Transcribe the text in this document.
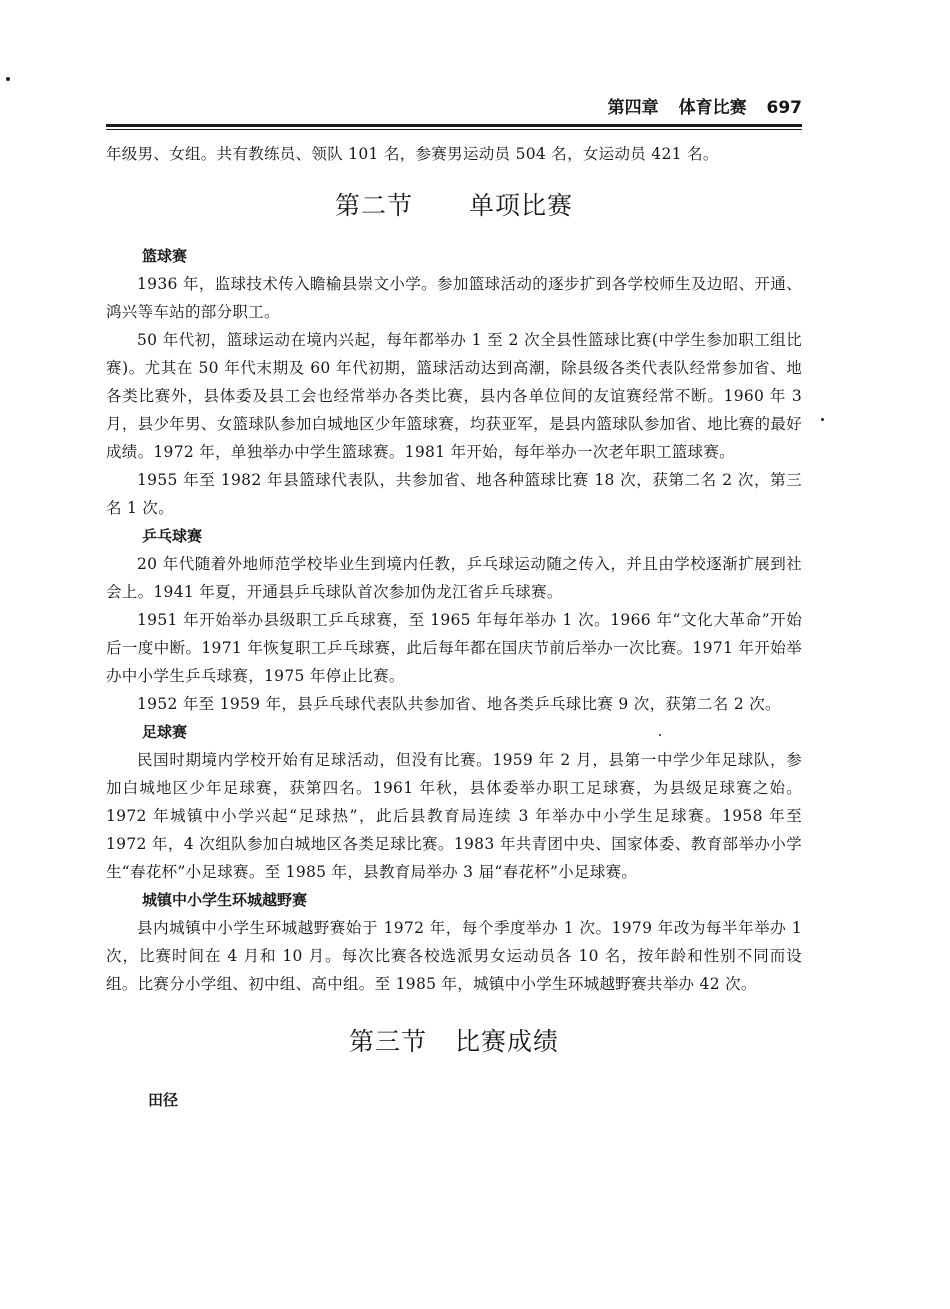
第四章 体育比赛 697

年级男、女组。共有教练员、领队 101 名，参赛男运动员 504 名，女运动员 421 名。

第二节 单项比赛

篮球赛

1936 年，监球技术传入瞻榆县崇文小学。参加篮球活动的逐步扩到各学校师生及边昭、开通、鸿兴等车站的部分职工。

50 年代初，篮球运动在境内兴起，每年都举办 1 至 2 次全县性篮球比赛(中学生参加职工组比赛)。尤其在 50 年代末期及 60 年代初期，篮球活动达到高潮，除县级各类代表队经常参加省、地各类比赛外，县体委及县工会也经常举办各类比赛，县内各单位间的友谊赛经常不断。1960 年 3 月，县少年男、女篮球队参加白城地区少年篮球赛，均获亚军，是县内篮球队参加省、地比赛的最好成绩。1972 年，单独举办中学生篮球赛。1981 年开始，每年举办一次老年职工篮球赛。

1955 年至 1982 年县篮球代表队，共参加省、地各种篮球比赛 18 次，获第二名 2 次，第三名 1 次。

乒乓球赛

20 年代随着外地师范学校毕业生到境内任教，乒乓球运动随之传入，并且由学校逐渐扩展到社会上。1941 年夏，开通县乒乓球队首次参加伪龙江省乒乓球赛。

1951 年开始举办县级职工乒乓球赛，至 1965 年每年举办 1 次。1966 年“文化大革命”开始后一度中断。1971 年恢复职工乒乓球赛，此后每年都在国庆节前后举办一次比赛。1971 年开始举办中小学生乒乓球赛，1975 年停止比赛。

1952 年至 1959 年，县乒乓球代表队共参加省、地各类乒乓球比赛 9 次，获第二名 2 次。

足球赛

民国时期境内学校开始有足球活动，但没有比赛。1959 年 2 月，县第一中学少年足球队，参加白城地区少年足球赛，获第四名。1961 年秋，县体委举办职工足球赛，为县级足球赛之始。1972 年城镇中小学兴起“足球热”，此后县教育局连续 3 年举办中小学生足球赛。1958 年至 1972 年，4 次组队参加白城地区各类足球比赛。1983 年共青团中央、国家体委、教育部举办小学生“春花杯”小足球赛。至 1985 年，县教育局举办 3 届“春花杯”小足球赛。

城镇中小学生环城越野赛

县内城镇中小学生环城越野赛始于 1972 年，每个季度举办 1 次。1979 年改为每半年举办 1 次，比赛时间在 4 月和 10 月。每次比赛各校选派男女运动员各 10 名，按年龄和性别不同而设组。比赛分小学组、初中组、高中组。至 1985 年，城镇中小学生环城越野赛共举办 42 次。

第三节 比赛成绩

田径
